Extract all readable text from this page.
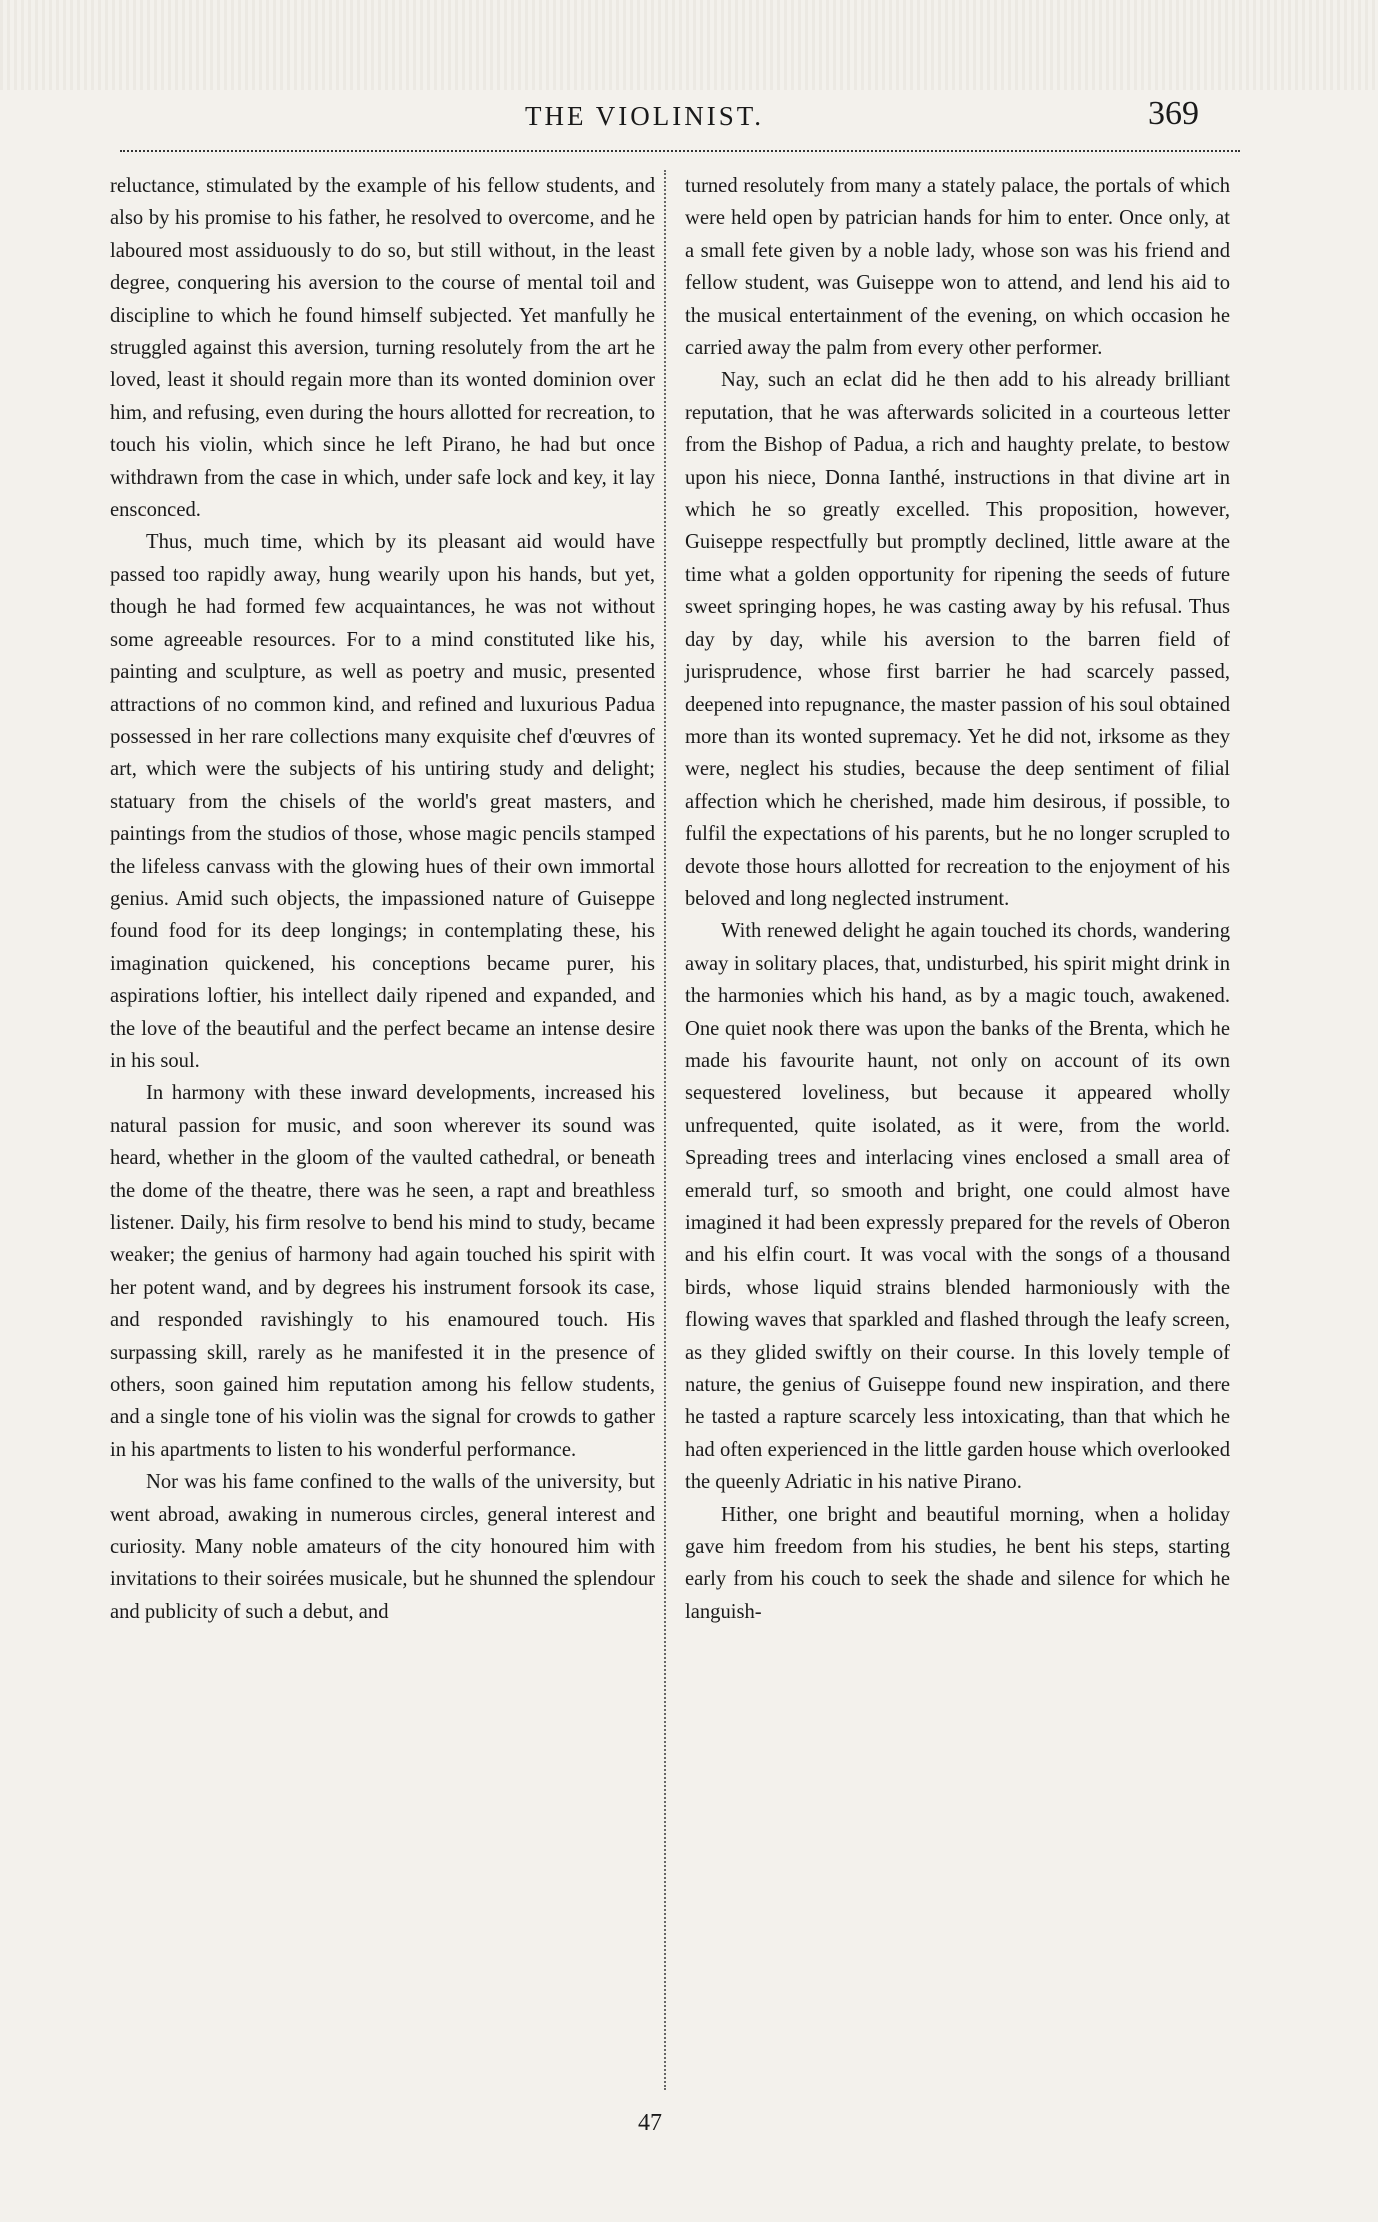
THE VIOLINIST.	369

reluctance, stimulated by the example of his fellow students, and also by his promise to his father, he resolved to overcome, and he laboured most assiduously to do so, but still without, in the least degree, conquering his aversion to the course of mental toil and discipline to which he found himself subjected. Yet manfully he struggled against this aversion, turning resolutely from the art he loved, least it should regain more than its wonted dominion over him, and refusing, even during the hours allotted for recreation, to touch his violin, which since he left Pirano, he had but once withdrawn from the case in which, under safe lock and key, it lay ensconced.

Thus, much time, which by its pleasant aid would have passed too rapidly away, hung wearily upon his hands, but yet, though he had formed few acquaintances, he was not without some agreeable resources. For to a mind constituted like his, painting and sculpture, as well as poetry and music, presented attractions of no common kind, and refined and luxurious Padua possessed in her rare collections many exquisite chef d'œuvres of art, which were the subjects of his untiring study and delight; statuary from the chisels of the world's great masters, and paintings from the studios of those, whose magic pencils stamped the lifeless canvass with the glowing hues of their own immortal genius. Amid such objects, the impassioned nature of Guiseppe found food for its deep longings; in contemplating these, his imagination quickened, his conceptions became purer, his aspirations loftier, his intellect daily ripened and expanded, and the love of the beautiful and the perfect became an intense desire in his soul.

In harmony with these inward developments, increased his natural passion for music, and soon wherever its sound was heard, whether in the gloom of the vaulted cathedral, or beneath the dome of the theatre, there was he seen, a rapt and breathless listener. Daily, his firm resolve to bend his mind to study, became weaker; the genius of harmony had again touched his spirit with her potent wand, and by degrees his instrument forsook its case, and responded ravishingly to his enamoured touch. His surpassing skill, rarely as he manifested it in the presence of others, soon gained him reputation among his fellow students, and a single tone of his violin was the signal for crowds to gather in his apartments to listen to his wonderful performance.

Nor was his fame confined to the walls of the university, but went abroad, awaking in numerous circles, general interest and curiosity. Many noble amateurs of the city honoured him with invitations to their soirées musicale, but he shunned the splendour and publicity of such a debut, and

turned resolutely from many a stately palace, the portals of which were held open by patrician hands for him to enter. Once only, at a small fete given by a noble lady, whose son was his friend and fellow student, was Guiseppe won to attend, and lend his aid to the musical entertainment of the evening, on which occasion he carried away the palm from every other performer.

Nay, such an eclat did he then add to his already brilliant reputation, that he was afterwards solicited in a courteous letter from the Bishop of Padua, a rich and haughty prelate, to bestow upon his niece, Donna Ianthé, instructions in that divine art in which he so greatly excelled. This proposition, however, Guiseppe respectfully but promptly declined, little aware at the time what a golden opportunity for ripening the seeds of future sweet springing hopes, he was casting away by his refusal. Thus day by day, while his aversion to the barren field of jurisprudence, whose first barrier he had scarcely passed, deepened into repugnance, the master passion of his soul obtained more than its wonted supremacy. Yet he did not, irksome as they were, neglect his studies, because the deep sentiment of filial affection which he cherished, made him desirous, if possible, to fulfil the expectations of his parents, but he no longer scrupled to devote those hours allotted for recreation to the enjoyment of his beloved and long neglected instrument.

With renewed delight he again touched its chords, wandering away in solitary places, that, undisturbed, his spirit might drink in the harmonies which his hand, as by a magic touch, awakened. One quiet nook there was upon the banks of the Brenta, which he made his favourite haunt, not only on account of its own sequestered loveliness, but because it appeared wholly unfrequented, quite isolated, as it were, from the world. Spreading trees and interlacing vines enclosed a small area of emerald turf, so smooth and bright, one could almost have imagined it had been expressly prepared for the revels of Oberon and his elfin court. It was vocal with the songs of a thousand birds, whose liquid strains blended harmoniously with the flowing waves that sparkled and flashed through the leafy screen, as they glided swiftly on their course. In this lovely temple of nature, the genius of Guiseppe found new inspiration, and there he tasted a rapture scarcely less intoxicating, than that which he had often experienced in the little garden house which overlooked the queenly Adriatic in his native Pirano.

Hither, one bright and beautiful morning, when a holiday gave him freedom from his studies, he bent his steps, starting early from his couch to seek the shade and silence for which he languish-

47
